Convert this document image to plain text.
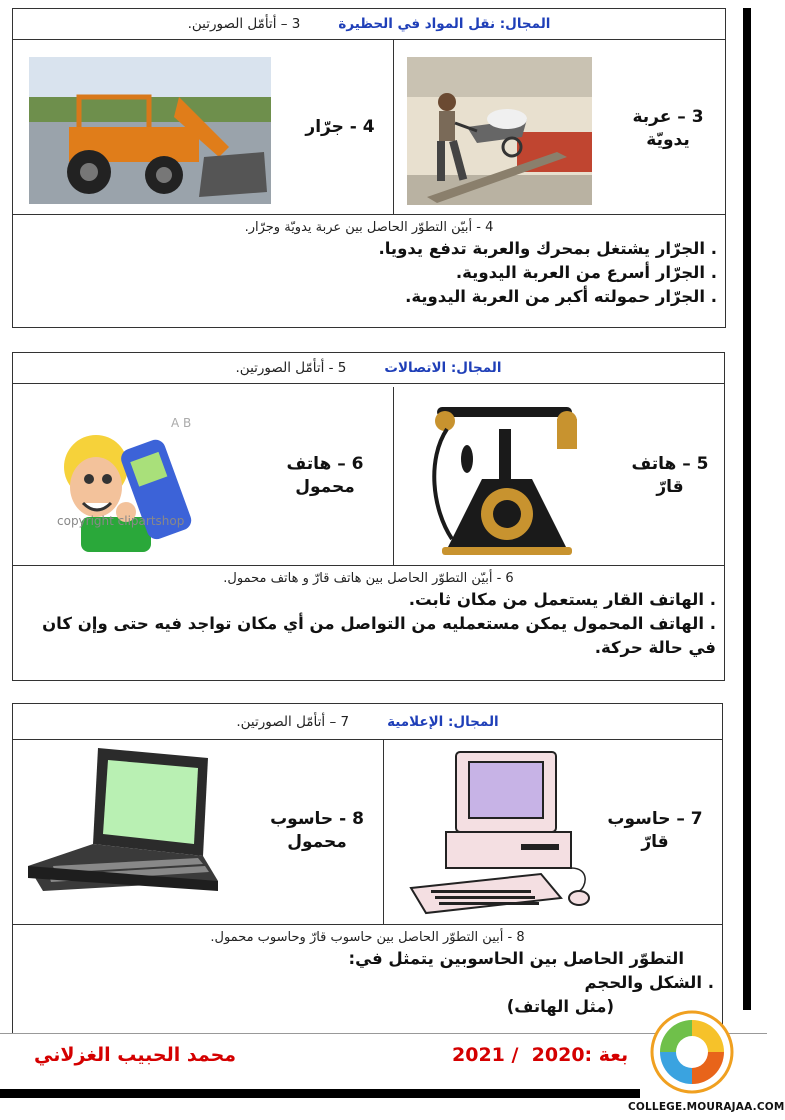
المجال: نقل المواد في الحظيرة
3 – أتأمّل الصورتين.
3 – عربة
يدويّة
4 - جرّار
4 - أبيّن التطوّر الحاصل بين عربة يدويّة وجرّار.
. الجرّار يشتغل بمحرك والعربة تدفع يدويا.
. الجرّار أسرع من العربة اليدوية.
. الجرّار حمولته أكبر من العربة اليدوية.
المجال: الاتصالات
5 - أتأمّل الصورتين.
5 – هاتف
قارّ
6 – هاتف
محمول
A B
copyright clipartshop
6 - أبيّن التطوّر الحاصل بين هاتف قارّ و هاتف محمول.
. الهاتف القار يستعمل من مكان ثابت.
. الهاتف المحمول يمكن مستعمليه من التواصل من أي مكان تواجد فيه حتى وإن كان في حالة حركة.
المجال: الإعلامية
7 – أتأمّل الصورتين.
7 – حاسوب
قارّ
8 - حاسوب
محمول
8 - أبين التطوّر الحاصل بين حاسوب قارّ وحاسوب محمول.
التطوّر الحاصل بين الحاسوبين يتمثل في:
. الشكل والحجم
(مثل الهاتف)
محمد الحبيب الغزلاني	2021 /  2020: بعة
COLLEGE.MOURAJAA.COM
